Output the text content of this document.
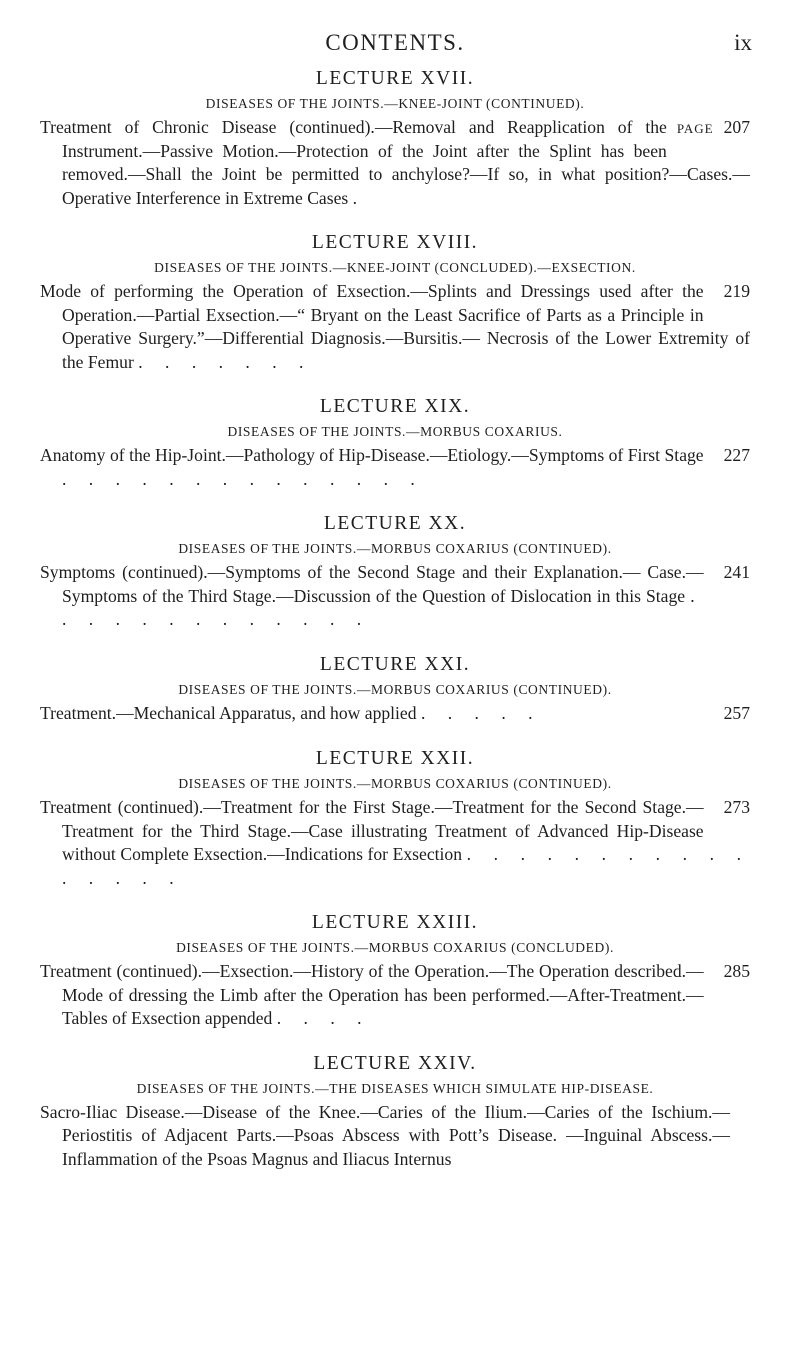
CONTENTS.	ix
LECTURE XVII.
DISEASES OF THE JOINTS.—KNEE-JOINT (CONTINUED).

PAGE 207
Treatment of Chronic Disease (continued).—Removal and Reapplication of the Instrument.—Passive Motion.—Protection of the Joint after the Splint has been removed.—Shall the Joint be permitted to anchylose?—If so, in what position?—Cases.—Operative Interference in Extreme Cases .

LECTURE XVIII.
DISEASES OF THE JOINTS.—KNEE-JOINT (CONCLUDED).—EXSECTION.

219
Mode of performing the Operation of Exsection.—Splints and Dressings used after the Operation.—Partial Exsection.—“ Bryant on the Least Sacrifice of Parts as a Principle in Operative Surgery.”—Differential Diagnosis.—Bursitis.— Necrosis of the Lower Extremity of the Femur . . . . . . .

LECTURE XIX.
DISEASES OF THE JOINTS.—MORBUS COXARIUS.

227
Anatomy of the Hip-Joint.—Pathology of Hip-Disease.—Etiology.—Symptoms of First Stage . . . . . . . . . . . . . .

LECTURE XX.
DISEASES OF THE JOINTS.—MORBUS COXARIUS (CONTINUED).

241
Symptoms (continued).—Symptoms of the Second Stage and their Explanation.— Case.—Symptoms of the Third Stage.—Discussion of the Question of Dislocation in this Stage . . . . . . . . . . . . .

LECTURE XXI.
DISEASES OF THE JOINTS.—MORBUS COXARIUS (CONTINUED).

257
Treatment.—Mechanical Apparatus, and how applied . . . . .

LECTURE XXII.
DISEASES OF THE JOINTS.—MORBUS COXARIUS (CONTINUED).

273
Treatment (continued).—Treatment for the First Stage.—Treatment for the Second Stage.—Treatment for the Third Stage.—Case illustrating Treatment of Advanced Hip-Disease without Complete Exsection.—Indications for Exsection . . . . . . . . . . . . . . . .

LECTURE XXIII.
DISEASES OF THE JOINTS.—MORBUS COXARIUS (CONCLUDED).

285
Treatment (continued).—Exsection.—History of the Operation.—The Operation described.—Mode of dressing the Limb after the Operation has been performed.—After-Treatment.—Tables of Exsection appended . . . .

LECTURE XXIV.
DISEASES OF THE JOINTS.—THE DISEASES WHICH SIMULATE HIP-DISEASE.

Sacro-Iliac Disease.—Disease of the Knee.—Caries of the Ilium.—Caries of the Ischium.—Periostitis of Adjacent Parts.—Psoas Abscess with Pott’s Disease. —Inguinal Abscess.—Inflammation of the Psoas Magnus and Iliacus Internus
